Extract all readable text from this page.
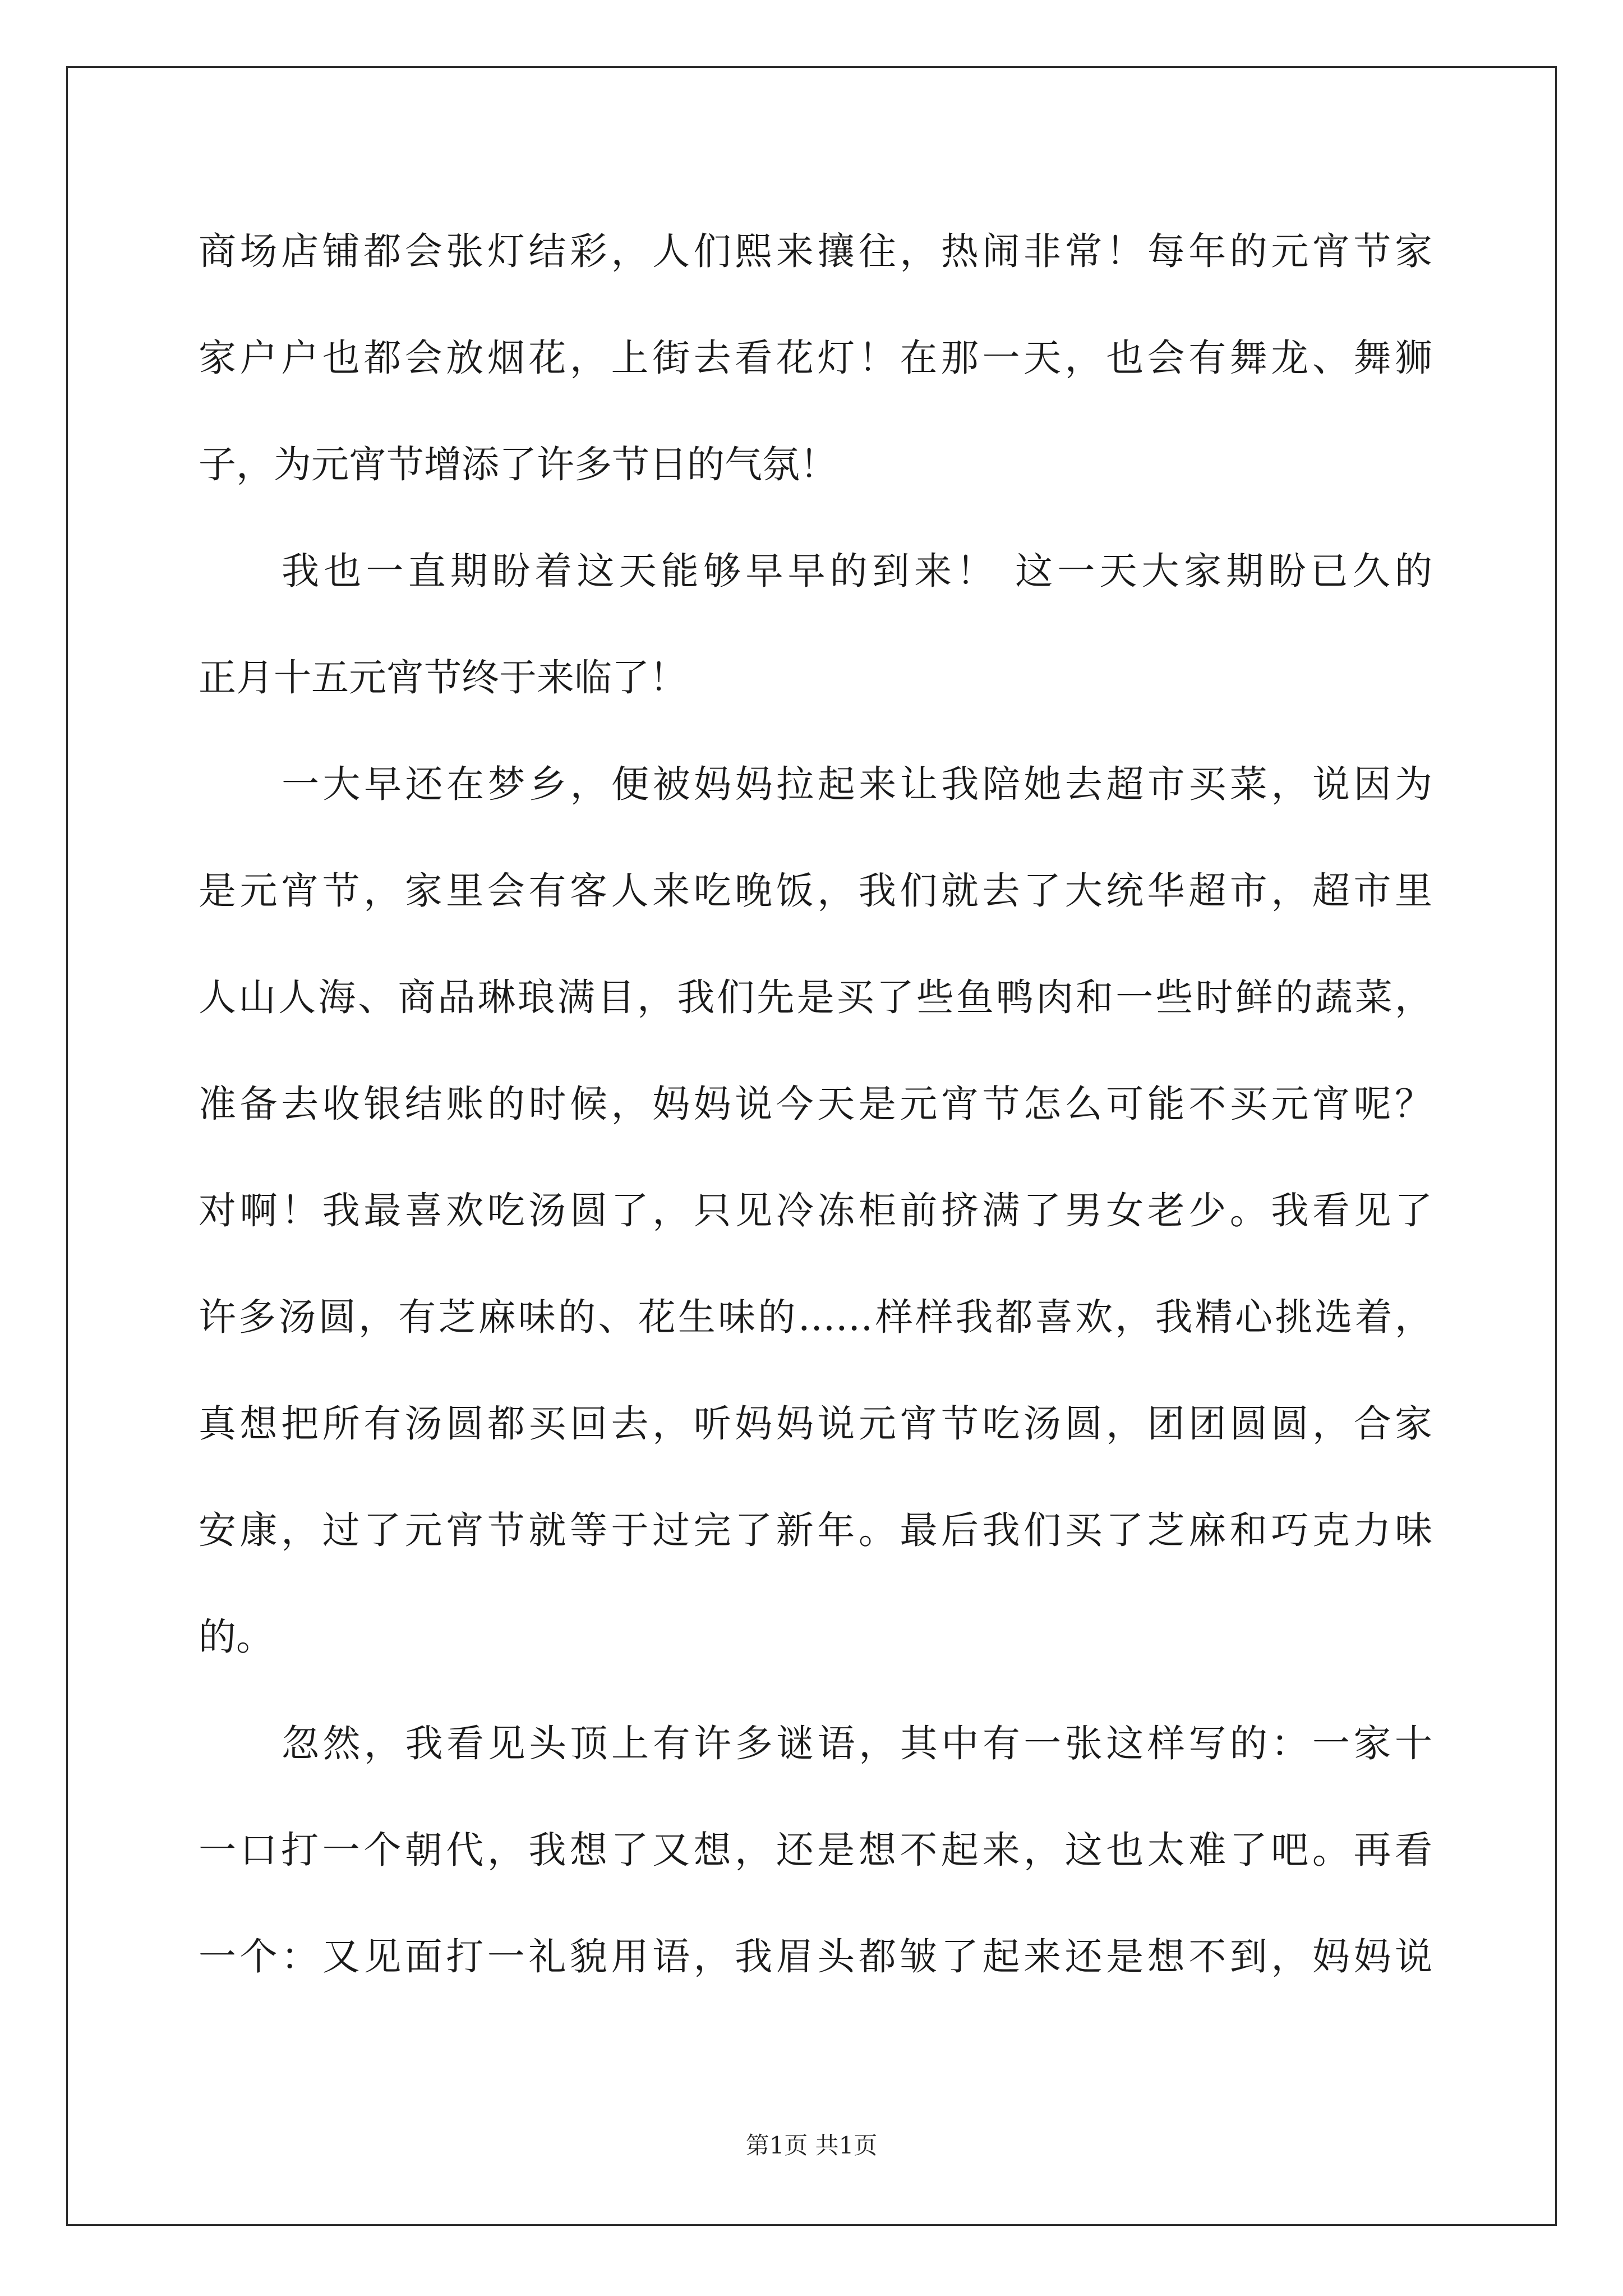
商场店铺都会张灯结彩，人们熙来攘往，热闹非常！每年的元宵节家
家户户也都会放烟花，上街去看花灯！在那一天，也会有舞龙、舞狮
子，为元宵节增添了许多节日的气氛！
我也一直期盼着这天能够早早的到来！ 这一天大家期盼已久的
正月十五元宵节终于来临了！
一大早还在梦乡，便被妈妈拉起来让我陪她去超市买菜，说因为
是元宵节，家里会有客人来吃晚饭，我们就去了大统华超市，超市里
人山人海、商品琳琅满目，我们先是买了些鱼鸭肉和一些时鲜的蔬菜，
准备去收银结账的时候，妈妈说今天是元宵节怎么可能不买元宵呢？
对啊！我最喜欢吃汤圆了，只见冷冻柜前挤满了男女老少。我看见了
许多汤圆，有芝麻味的、花生味的……样样我都喜欢，我精心挑选着，
真想把所有汤圆都买回去，听妈妈说元宵节吃汤圆，团团圆圆，合家
安康，过了元宵节就等于过完了新年。最后我们买了芝麻和巧克力味
的。
忽然，我看见头顶上有许多谜语，其中有一张这样写的：一家十
一口打一个朝代，我想了又想，还是想不起来，这也太难了吧。再看
一个：又见面打一礼貌用语，我眉头都皱了起来还是想不到，妈妈说
第1页 共1页
